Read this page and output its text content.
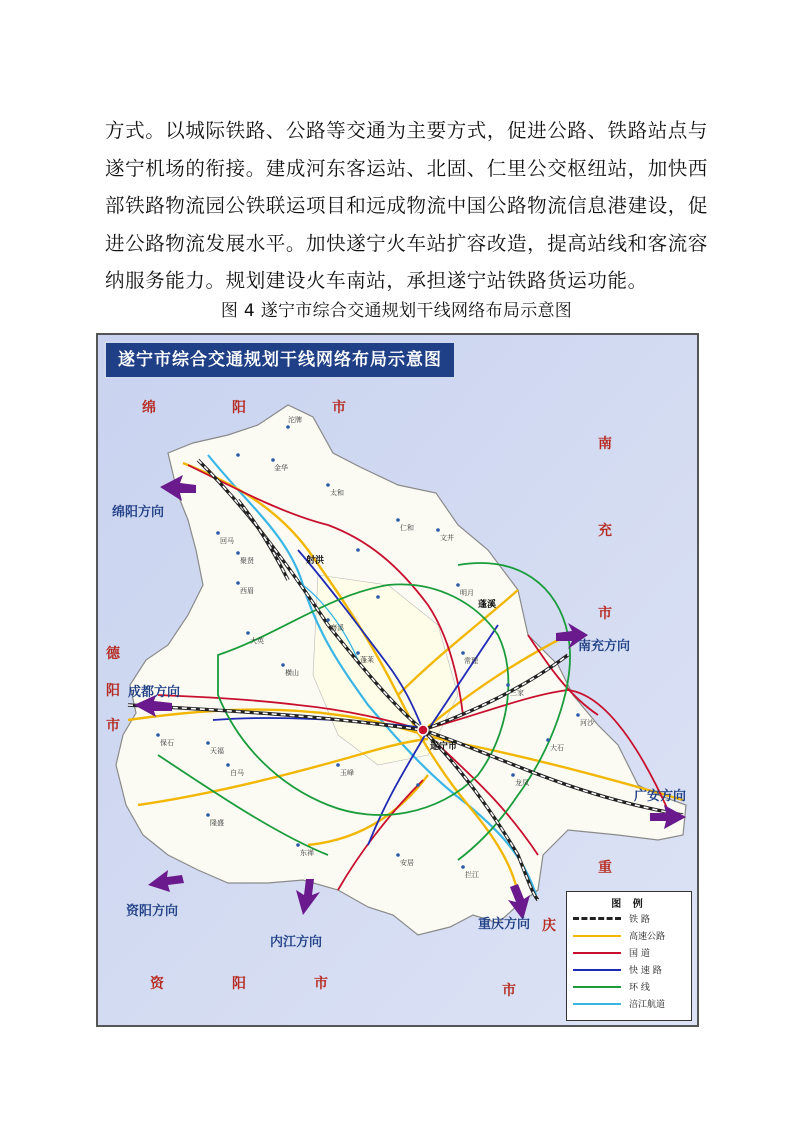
方式。以城际铁路、公路等交通为主要方式，促进公路、铁路站点与
遂宁机场的衔接。建成河东客运站、北固、仁里公交枢纽站，加快西
部铁路物流园公铁联运项目和远成物流中国公路物流信息港建设，促
进公路物流发展水平。加快遂宁火车站扩容改造，提高站线和客流容
纳服务能力。规划建设火车南站，承担遂宁站铁路货运功能。
图 4 遂宁市综合交通规划干线网络布局示意图
遂宁市综合交通规划干线网络布局示意图
绵	阳	市
南
充
市
德
阳
市
重
庆
市
资	阳	市
绵阳方向
南充方向
成都方向
广安方向
资阳方向
内江方向
重庆方向
遂宁市
蓬溪
射洪
沱牌
金华
太和
仁和
大英
蓬莱
天福
玉峰
安居
常理
文井
明月
三家
白马
东禅
拦江
保石
聚贤
西眉
龙凤
大石
河沙
隆盛
回马
磨溪
横山
图 例
铁 路
高速公路
国 道
快 速 路
环 线
涪江航道
